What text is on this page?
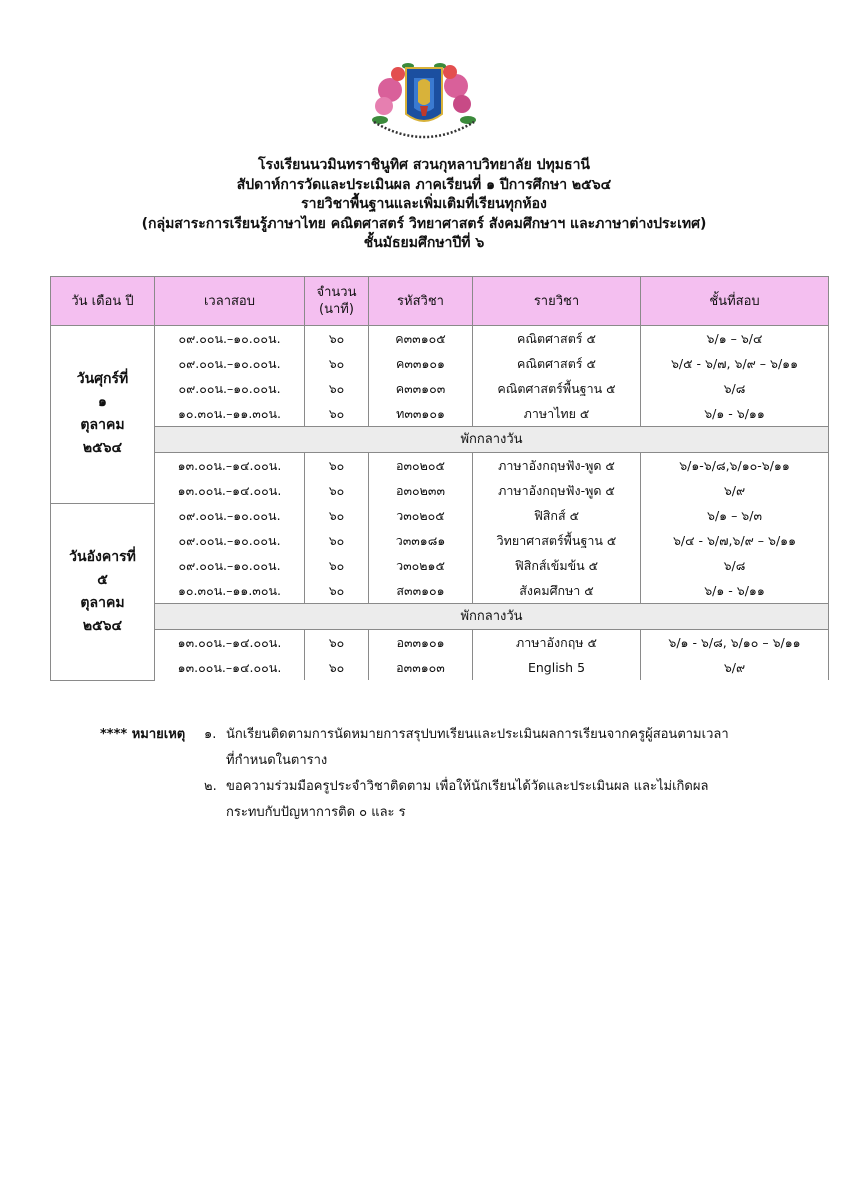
โรงเรียนนวมินทราชินูทิศ สวนกุหลาบวิทยาลัย ปทุมธานี
สัปดาห์การวัดและประเมินผล ภาคเรียนที่ ๑ ปีการศึกษา ๒๕๖๔
รายวิชาพื้นฐานและเพิ่มเติมที่เรียนทุกห้อง
(กลุ่มสาระการเรียนรู้ภาษาไทย คณิตศาสตร์ วิทยาศาสตร์ สังคมศึกษาฯ และภาษาต่างประเทศ)
ชั้นมัธยมศึกษาปีที่ ๖
วัน เดือน ปี	เวลาสอบ	จำนวน (นาที)	รหัสวิชา	รายวิชา	ชั้นที่สอบ

วันศุกร์ที่
๑
ตุลาคม
๒๕๖๔	๐๙.๐๐น.–๑๐.๐๐น.	๖๐	ค๓๓๑๐๕	คณิตศาสตร์ ๕	๖/๑ – ๖/๔
	๐๙.๐๐น.–๑๐.๐๐น.	๖๐	ค๓๓๑๐๑	คณิตศาสตร์ ๕	๖/๕ - ๖/๗, ๖/๙ – ๖/๑๑
	๐๙.๐๐น.–๑๐.๐๐น.	๖๐	ค๓๓๑๐๓	คณิตศาสตร์พื้นฐาน ๕	๖/๘
	๑๐.๓๐น.–๑๑.๓๐น.	๖๐	ท๓๓๑๐๑	ภาษาไทย ๕	๖/๑ - ๖/๑๑
	พักกลางวัน				
	๑๓.๐๐น.–๑๔.๐๐น.	๖๐	อ๓๐๒๐๕	ภาษาอังกฤษฟัง-พูด ๕	๖/๑-๖/๘,๖/๑๐-๖/๑๑
	๑๓.๐๐น.–๑๔.๐๐น.	๖๐	อ๓๐๒๓๓	ภาษาอังกฤษฟัง-พูด ๕	๖/๙

วันอังคารที่
๕
ตุลาคม
๒๕๖๔	๐๙.๐๐น.–๑๐.๐๐น.	๖๐	ว๓๐๒๐๕	ฟิสิกส์ ๕	๖/๑ – ๖/๓
	๐๙.๐๐น.–๑๐.๐๐น.	๖๐	ว๓๓๑๘๑	วิทยาศาสตร์พื้นฐาน ๕	๖/๔ - ๖/๗,๖/๙ – ๖/๑๑
	๐๙.๐๐น.–๑๐.๐๐น.	๖๐	ว๓๐๒๑๕	ฟิสิกส์เข้มข้น ๕	๖/๘
	๑๐.๓๐น.–๑๑.๓๐น.	๖๐	ส๓๓๑๐๑	สังคมศึกษา ๕	๖/๑ - ๖/๑๑
	พักกลางวัน				
	๑๓.๐๐น.–๑๔.๐๐น.	๖๐	อ๓๓๑๐๑	ภาษาอังกฤษ ๕	๖/๑ - ๖/๘, ๖/๑๐ – ๖/๑๑
	๑๓.๐๐น.–๑๔.๐๐น.	๖๐	อ๓๓๑๐๓	English 5	๖/๙
**** หมายเหตุ	๑. นักเรียนติดตามการนัดหมายการสรุปบทเรียนและประเมินผลการเรียนจากครูผู้สอนตามเวลา
ที่กำหนดในตาราง
๒. ขอความร่วมมือครูประจำวิชาติดตาม เพื่อให้นักเรียนได้วัดและประเมินผล และไม่เกิดผล
กระทบกับปัญหาการติด ๐ และ ร
